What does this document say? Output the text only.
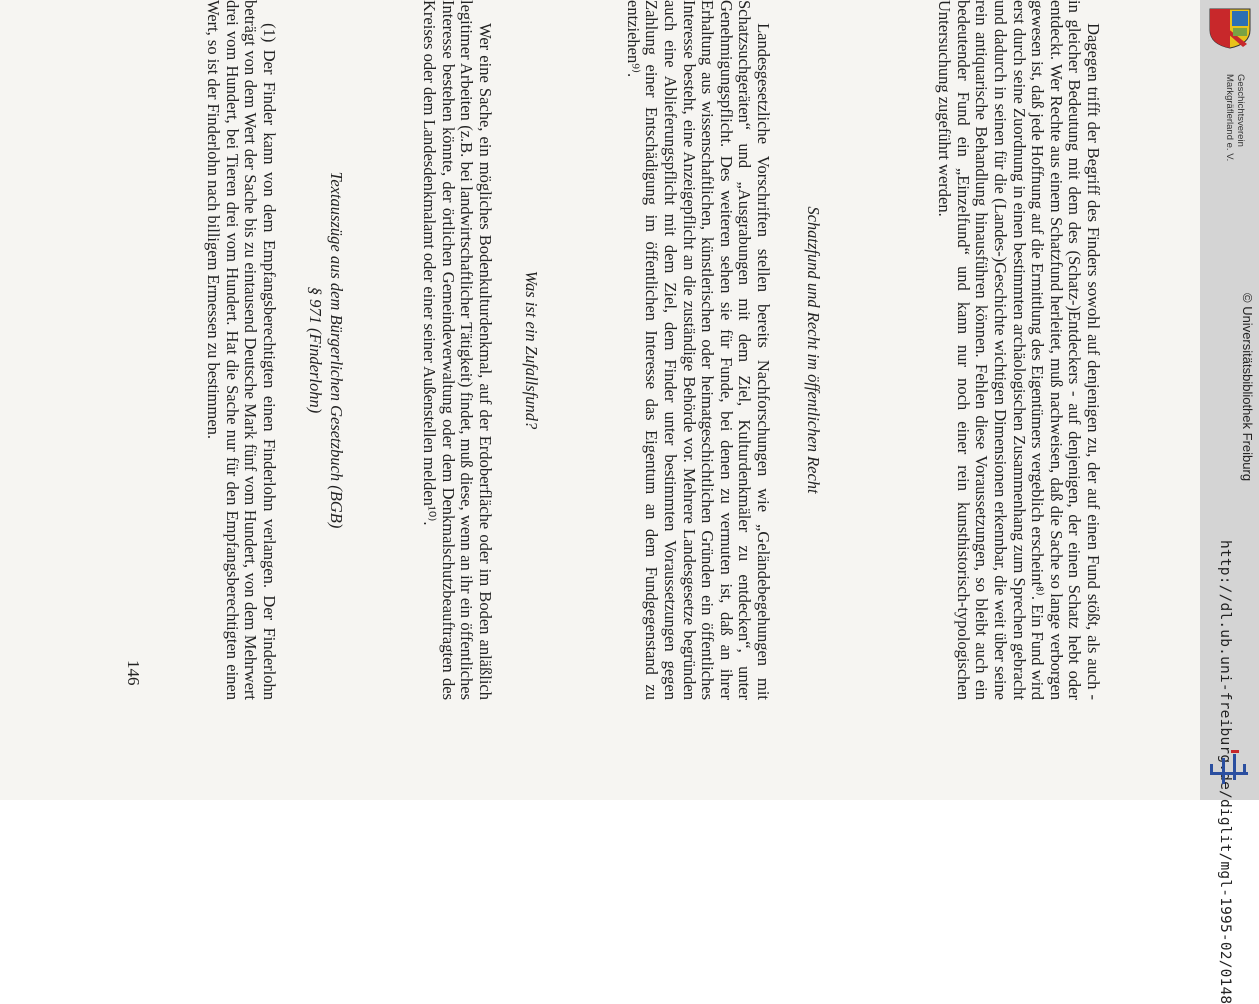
Dagegen trifft der Begriff des Finders sowohl auf denjenigen zu, der auf einen Fund stößt, als auch - in gleicher Bedeutung mit dem des (Schatz-)Entdeckers - auf denjenigen, der einen Schatz hebt oder entdeckt. Wer Rechte aus einem Schatzfund herleitet, muß nachweisen, daß die Sache so lange verborgen gewesen ist, daß jede Hoffnung auf die Ermittlung des Eigentümers vergeblich erscheint⁸⁾. Ein Fund wird erst durch seine Zuordnung in einen bestimmten archäologischen Zusammenhang zum Sprechen gebracht und dadurch in seinen für die (Landes-)Geschichte wichtigen Dimensionen erkennbar, die weit über seine rein antiquarische Behandlung hinausführen können. Fehlen diese Voraussetzungen, so bleibt auch ein bedeutender Fund ein „Einzelfund“ und kann nur noch einer rein kunsthistorisch-typologischen Untersuchung zugeführt werden.

Schatzfund und Recht im öffentlichen Recht

Landesgesetzliche Vorschriften stellen bereits Nachforschungen wie „Geländebegehungen mit Schatzsuchgeräten“ und „Ausgrabungen mit dem Ziel, Kulturdenkmäler zu entdecken“, unter Genehmigungspflicht. Des weiteren sehen sie für Funde, bei denen zu vermuten ist, daß an ihrer Erhaltung aus wissenschaftlichen, künstlerischen oder heimatgeschichtlichen Gründen ein öffentliches Interesse besteht, eine Anzeigepflicht an die zuständige Behörde vor. Mehrere Landesgesetze begründen auch eine Ablieferungspflicht mit dem Ziel, dem Finder unter bestimmten Voraussetzungen gegen Zahlung einer Entschädigung im öffentlichen Interesse das Eigentum an dem Fundgegenstand zu entziehen⁹⁾.

Was ist ein Zufallsfund?

Wer eine Sache, ein mögliches Bodenkulturdenkmal, auf der Erdoberfläche oder im Boden anläßlich legitimer Arbeiten (z.B. bei landwirtschaftlicher Tätigkeit) findet, muß diese, wenn an ihr ein öffentliches Interesse bestehen könnte, der örtlichen Gemeindeverwaltung oder dem Denkmalschutzbeauftragten des Kreises oder dem Landesdenkmalamt oder einer seiner Außenstellen melden¹⁰⁾.

Textauszüge aus dem Bürgerlichen Gesetzbuch (BGB)
§ 971 (Finderlohn)

(1) Der Finder kann von dem Empfangsberechtigten einen Finderlohn verlangen. Der Finderlohn beträgt von dem Wert der Sache bis zu eintausend Deutsche Mark fünf vom Hundert, von dem Mehrwert drei vom Hundert, bei Tieren drei vom Hundert. Hat die Sache nur für den Empfangsberechtigten einen Wert, so ist der Finderlohn nach billigem Ermessen zu bestimmen.

146
© Universitätsbibliothek Freiburg
Geschichtsverein
Markgräflerland e. V.
